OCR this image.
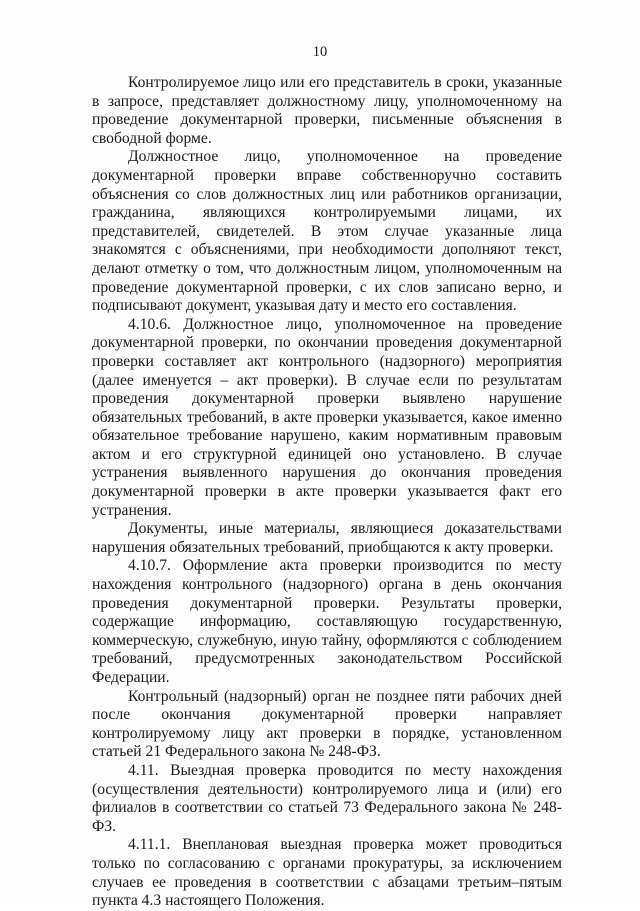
10

Контролируемое лицо или его представитель в сроки, указанные в запросе, представляет должностному лицу, уполномоченному на проведение документарной проверки, письменные объяснения в свободной форме.

Должностное лицо, уполномоченное на проведение документарной проверки вправе собственноручно составить объяснения со слов должностных лиц или работников организации, гражданина, являющихся контролируемыми лицами, их представителей, свидетелей. В этом случае указанные лица знакомятся с объяснениями, при необходимости дополняют текст, делают отметку о том, что должностным лицом, уполномоченным на проведение документарной проверки, с их слов записано верно, и подписывают документ, указывая дату и место его составления.

4.10.6. Должностное лицо, уполномоченное на проведение документарной проверки, по окончании проведения документарной проверки составляет акт контрольного (надзорного) мероприятия (далее именуется – акт проверки). В случае если по результатам проведения документарной проверки выявлено нарушение обязательных требований, в акте проверки указывается, какое именно обязательное требование нарушено, каким нормативным правовым актом и его структурной единицей оно установлено. В случае устранения выявленного нарушения до окончания проведения документарной проверки в акте проверки указывается факт его устранения.

Документы, иные материалы, являющиеся доказательствами нарушения обязательных требований, приобщаются к акту проверки.

4.10.7. Оформление акта проверки производится по месту нахождения контрольного (надзорного) органа в день окончания проведения документарной проверки. Результаты проверки, содержащие информацию, составляющую государственную, коммерческую, служебную, иную тайну, оформляются с соблюдением требований, предусмотренных законодательством Российской Федерации.

Контрольный (надзорный) орган не позднее пяти рабочих дней после окончания документарной проверки направляет контролируемому лицу акт проверки в порядке, установленном статьей 21 Федерального закона № 248-ФЗ.

4.11. Выездная проверка проводится по месту нахождения (осуществления деятельности) контролируемого лица и (или) его филиалов в соответствии со статьей 73 Федерального закона № 248-ФЗ.

4.11.1. Внеплановая выездная проверка может проводиться только по согласованию с органами прокуратуры, за исключением случаев ее проведения в соответствии с абзацами третьим–пятым пункта 4.3 настоящего Положения.
